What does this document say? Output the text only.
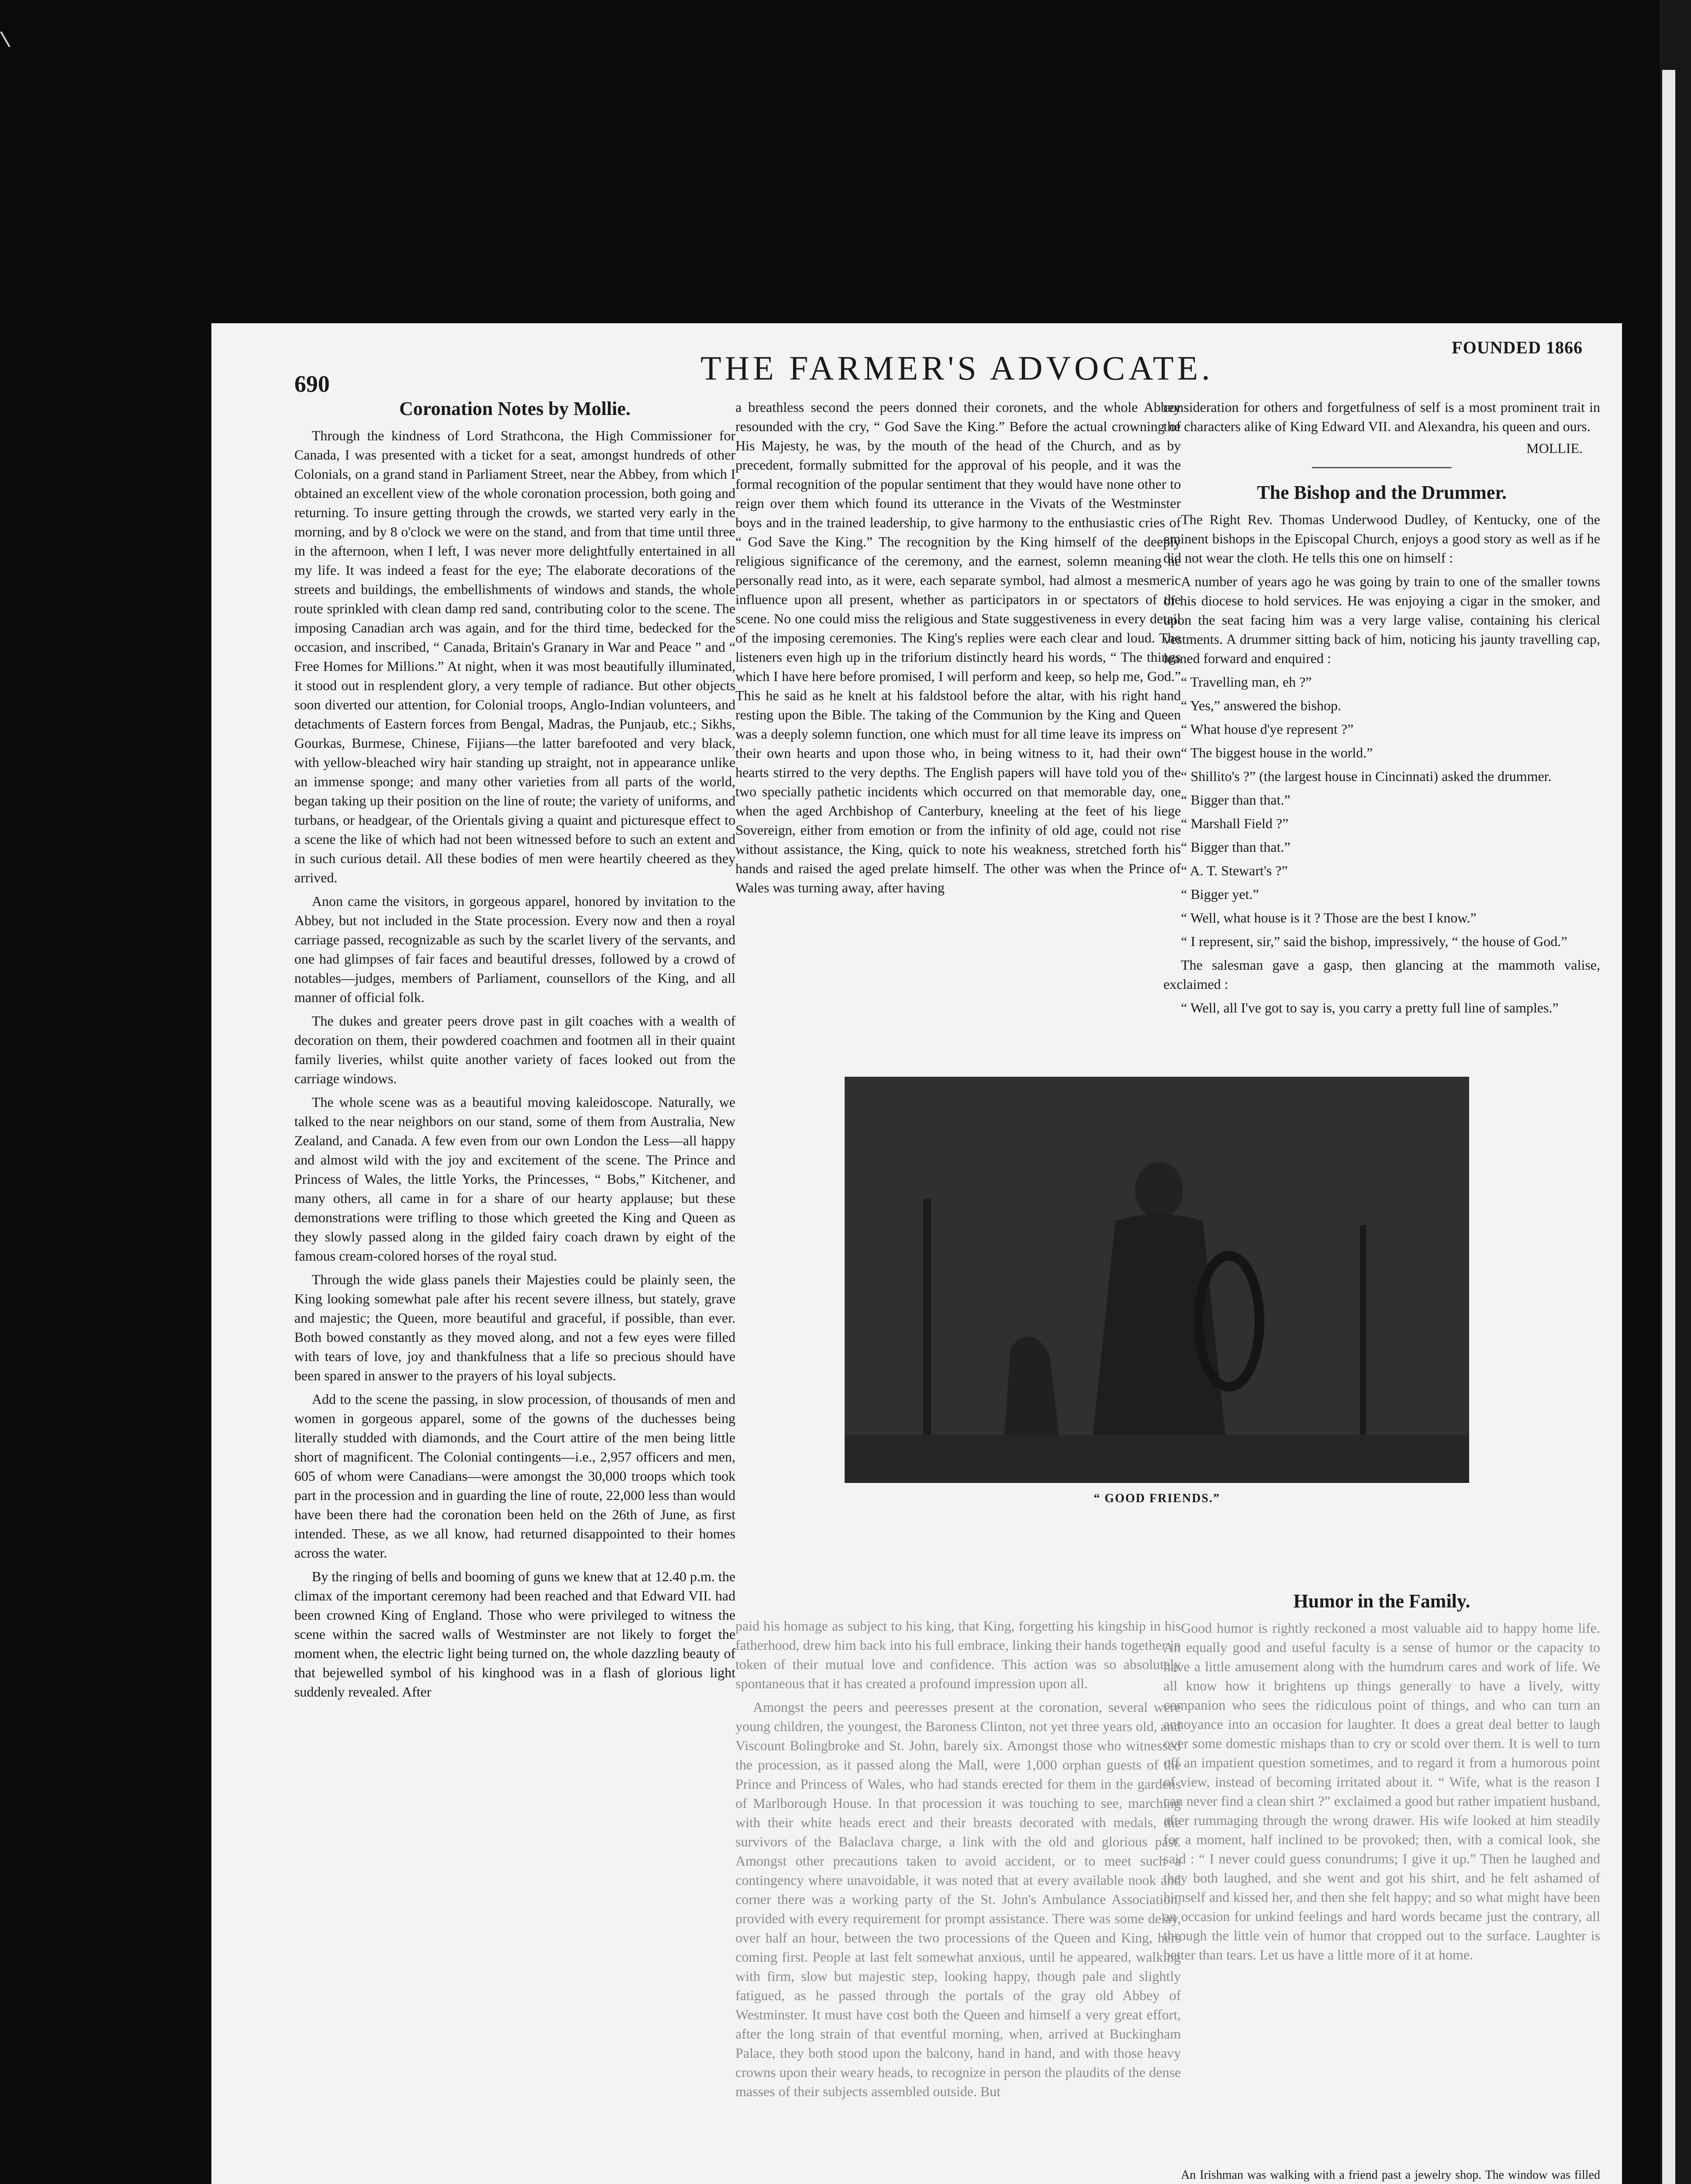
FOUNDED 1866
690	THE FARMER'S ADVOCATE.
Coronation Notes by Mollie.

Through the kindness of Lord Strathcona, the High Commissioner for Canada, I was presented with a ticket for a seat, amongst hundreds of other Colonials, on a grand stand in Parliament Street, near the Abbey, from which I obtained an excellent view of the whole coronation procession, both going and returning. To insure getting through the crowds, we started very early in the morning, and by 8 o'clock we were on the stand, and from that time until three in the afternoon, when I left, I was never more delightfully entertained in all my life. It was indeed a feast for the eye; The elaborate decorations of the streets and buildings, the embellishments of windows and stands, the whole route sprinkled with clean damp red sand, contributing color to the scene. The imposing Canadian arch was again, and for the third time, bedecked for the occasion, and inscribed, “ Canada, Britain's Granary in War and Peace ” and “ Free Homes for Millions.” At night, when it was most beautifully illuminated, it stood out in resplendent glory, a very temple of radiance. But other objects soon diverted our attention, for Colonial troops, Anglo-Indian volunteers, and detachments of Eastern forces from Bengal, Madras, the Punjaub, etc.; Sikhs, Gourkas, Burmese, Chinese, Fijians—the latter barefooted and very black, with yellow-bleached wiry hair standing up straight, not in appearance unlike an immense sponge; and many other varieties from all parts of the world, began taking up their position on the line of route; the variety of uniforms, and turbans, or headgear, of the Orientals giving a quaint and picturesque effect to a scene the like of which had not been witnessed before to such an extent and in such curious detail. All these bodies of men were heartily cheered as they arrived.

Anon came the visitors, in gorgeous apparel, honored by invitation to the Abbey, but not included in the State procession. Every now and then a royal carriage passed, recognizable as such by the scarlet livery of the servants, and one had glimpses of fair faces and beautiful dresses, followed by a crowd of notables—judges, members of Parliament, counsellors of the King, and all manner of official folk.

The dukes and greater peers drove past in gilt coaches with a wealth of decoration on them, their powdered coachmen and footmen all in their quaint family liveries, whilst quite another variety of faces looked out from the carriage windows.

The whole scene was as a beautiful moving kaleidoscope. Naturally, we talked to the near neighbors on our stand, some of them from Australia, New Zealand, and Canada. A few even from our own London the Less—all happy and almost wild with the joy and excitement of the scene. The Prince and Princess of Wales, the little Yorks, the Princesses, “ Bobs,” Kitchener, and many others, all came in for a share of our hearty applause; but these demonstrations were trifling to those which greeted the King and Queen as they slowly passed along in the gilded fairy coach drawn by eight of the famous cream-colored horses of the royal stud.

Through the wide glass panels their Majesties could be plainly seen, the King looking somewhat pale after his recent severe illness, but stately, grave and majestic; the Queen, more beautiful and graceful, if possible, than ever. Both bowed constantly as they moved along, and not a few eyes were filled with tears of love, joy and thankfulness that a life so precious should have been spared in answer to the prayers of his loyal subjects.

Add to the scene the passing, in slow procession, of thousands of men and women in gorgeous apparel, some of the gowns of the duchesses being literally studded with diamonds, and the Court attire of the men being little short of magnificent. The Colonial contingents—i.e., 2,957 officers and men, 605 of whom were Canadians—were amongst the 30,000 troops which took part in the procession and in guarding the line of route, 22,000 less than would have been there had the coronation been held on the 26th of June, as first intended. These, as we all know, had returned disappointed to their homes across the water.

By the ringing of bells and booming of guns we knew that at 12.40 p.m. the climax of the important ceremony had been reached and that Edward VII. had been crowned King of England. Those who were privileged to witness the scene within the sacred walls of Westminster are not likely to forget the moment when, the electric light being turned on, the whole dazzling beauty of that bejewelled symbol of his kinghood was in a flash of glorious light suddenly revealed. After

a breathless second the peers donned their coronets, and the whole Abbey resounded with the cry, “ God Save the King.” Before the actual crowning of His Majesty, he was, by the mouth of the head of the Church, and as by precedent, formally submitted for the approval of his people, and it was the formal recognition of the popular sentiment that they would have none other to reign over them which found its utterance in the Vivats of the Westminster boys and in the trained leadership, to give harmony to the enthusiastic cries of “ God Save the King.” The recognition by the King himself of the deeply religious significance of the ceremony, and the earnest, solemn meaning he personally read into, as it were, each separate symbol, had almost a mesmeric influence upon all present, whether as participators in or spectators of the scene. No one could miss the religious and State suggestiveness in every detail of the imposing ceremonies. The King's replies were each clear and loud. The listeners even high up in the triforium distinctly heard his words, “ The things which I have here before promised, I will perform and keep, so help me, God.” This he said as he knelt at his faldstool before the altar, with his right hand resting upon the Bible. The taking of the Communion by the King and Queen was a deeply solemn function, one which must for all time leave its impress on their own hearts and upon those who, in being witness to it, had their own hearts stirred to the very depths. The English papers will have told you of the two specially pathetic incidents which occurred on that memorable day, one when the aged Archbishop of Canterbury, kneeling at the feet of his liege Sovereign, either from emotion or from the infinity of old age, could not rise without assistance, the King, quick to note his weakness, stretched forth his hands and raised the aged prelate himself. The other was when the Prince of Wales was turning away, after having

consideration for others and forgetfulness of self is a most prominent trait in the characters alike of King Edward VII. and Alexandra, his queen and ours.

MOLLIE.
The Bishop and the Drummer.

The Right Rev. Thomas Underwood Dudley, of Kentucky, one of the eminent bishops in the Episcopal Church, enjoys a good story as well as if he did not wear the cloth. He tells this one on himself :

A number of years ago he was going by train to one of the smaller towns of his diocese to hold services. He was enjoying a cigar in the smoker, and upon the seat facing him was a very large valise, containing his clerical vestments. A drummer sitting back of him, noticing his jaunty travelling cap, leaned forward and enquired :

“ Travelling man, eh ?”

“ Yes,” answered the bishop.

“ What house d'ye represent ?”

“ The biggest house in the world.”

“ Shillito's ?” (the largest house in Cincinnati) asked the drummer.

“ Bigger than that.”

“ Marshall Field ?”

“ Bigger than that.”

“ A. T. Stewart's ?”

“ Bigger yet.”

“ Well, what house is it ? Those are the best I know.”

“ I represent, sir,” said the bishop, impressively, “ the house of God.”

The salesman gave a gasp, then glancing at the mammoth valise, exclaimed :

“ Well, all I've got to say is, you carry a pretty full line of samples.”

“ GOOD FRIENDS.”

paid his homage as subject to his king, that King, forgetting his kingship in his fatherhood, drew him back into his full embrace, linking their hands together in token of their mutual love and confidence. This action was so absolutely spontaneous that it has created a profound impression upon all.

Amongst the peers and peeresses present at the coronation, several were young children, the youngest, the Baroness Clinton, not yet three years old, and Viscount Bolingbroke and St. John, barely six. Amongst those who witnessed the procession, as it passed along the Mall, were 1,000 orphan guests of the Prince and Princess of Wales, who had stands erected for them in the gardens of Marlborough House. In that procession it was touching to see, marching with their white heads erect and their breasts decorated with medals, the survivors of the Balaclava charge, a link with the old and glorious past. Amongst other precautions taken to avoid accident, or to meet such a contingency where unavoidable, it was noted that at every available nook and corner there was a working party of the St. John's Ambulance Association, provided with every requirement for prompt assistance. There was some delay, over half an hour, between the two processions of the Queen and King, hers coming first. People at last felt somewhat anxious, until he appeared, walking with firm, slow but majestic step, looking happy, though pale and slightly fatigued, as he passed through the portals of the gray old Abbey of Westminster. It must have cost both the Queen and himself a very great effort, after the long strain of that eventful morning, when, arrived at Buckingham Palace, they both stood upon the balcony, hand in hand, and with those heavy crowns upon their weary heads, to recognize in person the plaudits of the dense masses of their subjects assembled outside. But

Humor in the Family.

Good humor is rightly reckoned a most valuable aid to happy home life. An equally good and useful faculty is a sense of humor or the capacity to have a little amusement along with the humdrum cares and work of life. We all know how it brightens up things generally to have a lively, witty companion who sees the ridiculous point of things, and who can turn an annoyance into an occasion for laughter. It does a great deal better to laugh over some domestic mishaps than to cry or scold over them. It is well to turn off an impatient question sometimes, and to regard it from a humorous point of view, instead of becoming irritated about it. “ Wife, what is the reason I can never find a clean shirt ?” exclaimed a good but rather impatient husband, after rummaging through the wrong drawer. His wife looked at him steadily for a moment, half inclined to be provoked; then, with a comical look, she said : “ I never could guess conundrums; I give it up.” Then he laughed and they both laughed, and she went and got his shirt, and he felt ashamed of himself and kissed her, and then she felt happy; and so what might have been an occasion for unkind feelings and hard words became just the contrary, all through the little vein of humor that cropped out to the surface. Laughter is better than tears. Let us have a little more of it at home.

An Irishman was walking with a friend past a jewelry shop. The window was filled
